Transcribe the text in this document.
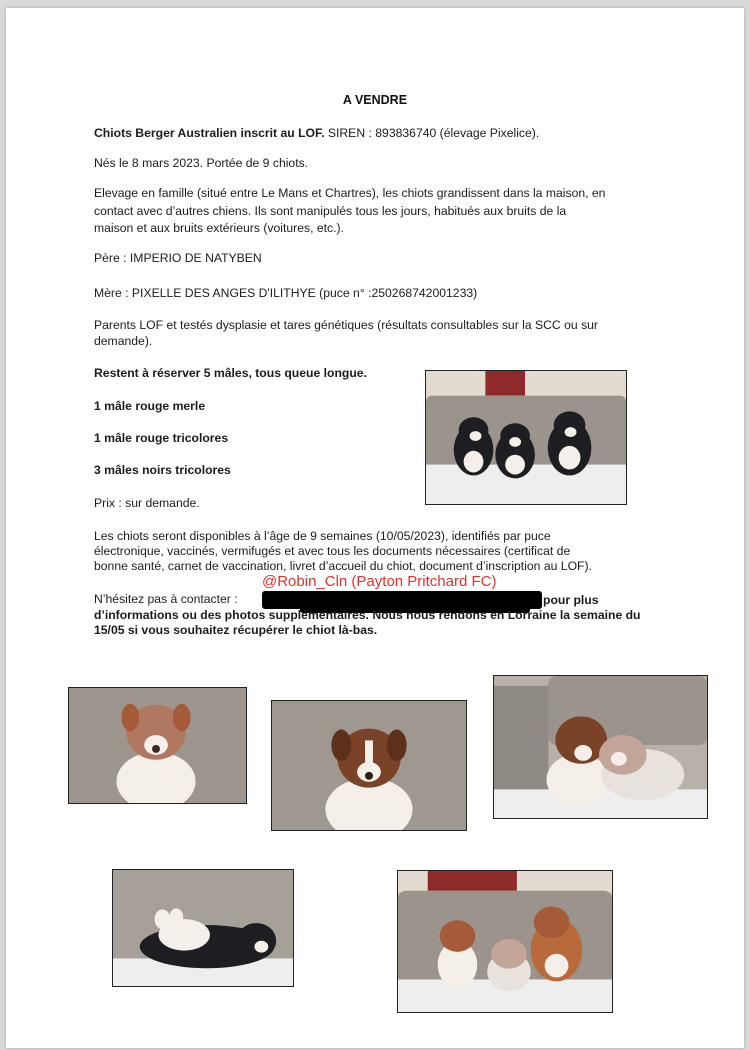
A VENDRE
Chiots Berger Australien inscrit au LOF. SIREN : 893836740 (élevage Pixelice).
Nés le 8 mars 2023. Portée de 9 chiots.
Elevage en famille (situé entre Le Mans et Chartres), les chiots grandissent dans la maison, en
contact avec d’autres chiens. Ils sont manipulés tous les jours, habitués aux bruits de la
maison et aux bruits extérieurs (voitures, etc.).
Père : IMPERIO DE NATYBEN
Mère : PIXELLE DES ANGES D'ILITHYE (puce n° :250268742001233)
Parents LOF et testés dysplasie et tares génétiques (résultats consultables sur la SCC ou sur
demande).
Restent à réserver 5 mâles, tous queue longue.
1 mâle rouge merle
1 mâle rouge tricolores
3 mâles noirs tricolores
Prix : sur demande.
Les chiots seront disponibles à l’âge de 9 semaines (10/05/2023), identifiés par puce
électronique, vaccinés, vermifugés et avec tous les documents nécessaires (certificat de
bonne santé, carnet de vaccination, livret d’accueil du chiot, document d’inscription au LOF).
N’hésitez pas à contacter :	pour plus
d’informations ou des photos supplémentaires. Nous nous rendons en Lorraine la semaine du
15/05 si vous souhaitez récupérer le chiot là-bas.
@Robin_Cln (Payton Pritchard FC)
